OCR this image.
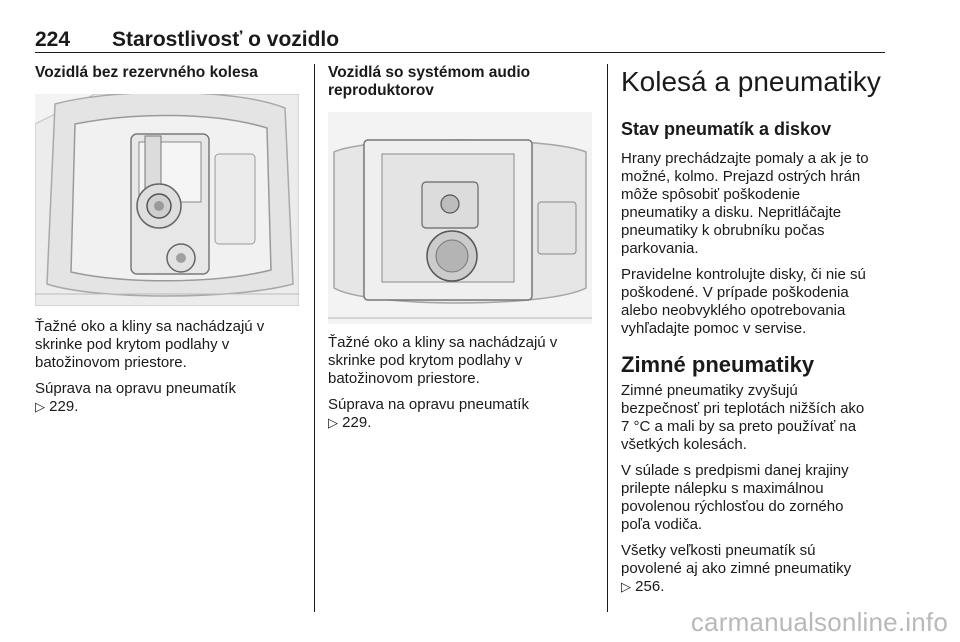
224 Starostlivosť o vozidlo

Vozidlá bez rezervného kolesa

Ťažné oko a kliny sa nachádzajú v
skrinke pod krytom podlahy v
batožinovom priestore.

Súprava na opravu pneumatík
▷ 229.

Vozidlá so systémom audio
reproduktorov

Ťažné oko a kliny sa nachádzajú v
skrinke pod krytom podlahy v
batožinovom priestore.

Súprava na opravu pneumatík
▷ 229.

Kolesá a pneumatiky
Stav pneumatík a diskov

Hrany prechádzajte pomaly a ak je to
možné, kolmo. Prejazd ostrých hrán
môže spôsobiť poškodenie
pneumatiky a disku. Nepritláčajte
pneumatiky k obrubníku počas
parkovania.

Pravidelne kontrolujte disky, či nie sú
poškodené. V prípade poškodenia
alebo neobvyklého opotrebovania
vyhľadajte pomoc v servise.

Zimné pneumatiky

Zimné pneumatiky zvyšujú
bezpečnosť pri teplotách nižších ako
7 °C a mali by sa preto používať na
všetkých kolesách.

V súlade s predpismi danej krajiny
prilepte nálepku s maximálnou
povolenou rýchlosťou do zorného
poľa vodiča.

Všetky veľkosti pneumatík sú
povolené aj ako zimné pneumatiky
▷ 256.

carmanualsonline.info
